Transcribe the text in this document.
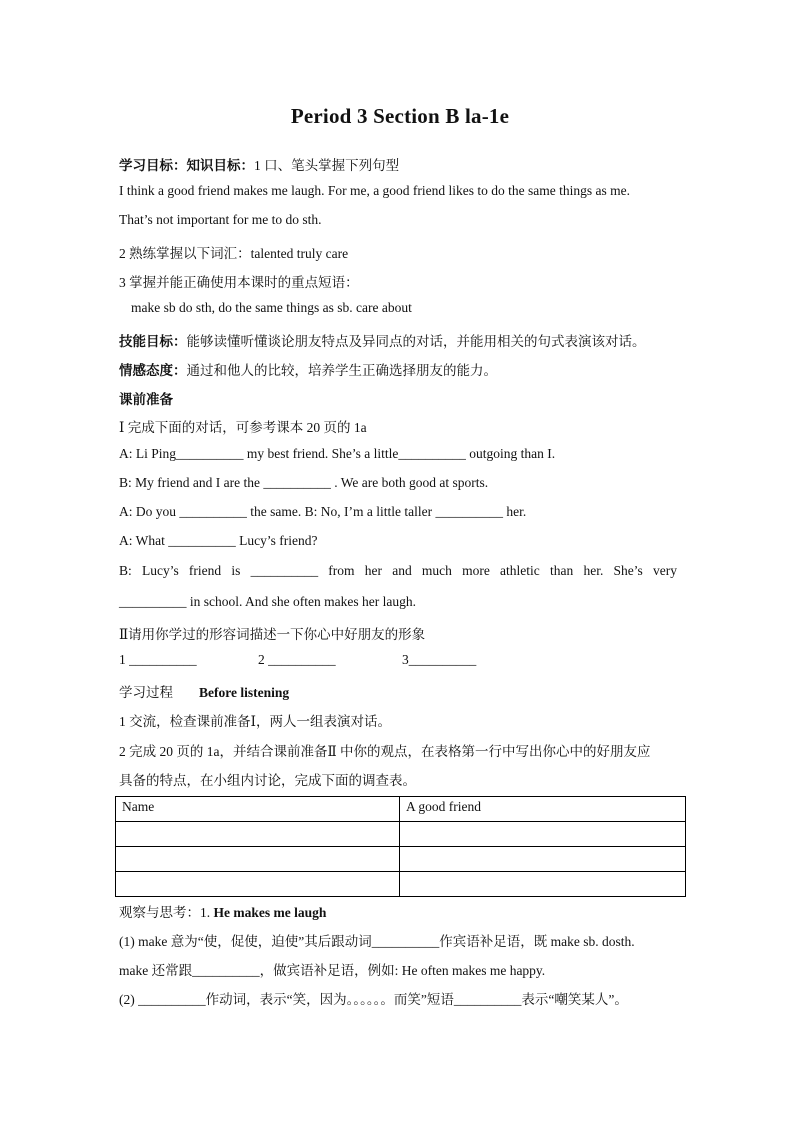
Period 3 Section B la-1e
学习目标：知识目标：1 口、笔头掌握下列句型
I think a good friend makes me laugh. For me, a good friend likes to do the same things as me.
That’s not important for me to do sth.
2 熟练掌握以下词汇：talented truly care
3 掌握并能正确使用本课时的重点短语：
make sb do sth, do the same things as sb. care about
技能目标：能够读懂听懂谈论朋友特点及异同点的对话，并能用相关的句式表演该对话。
情感态度：通过和他人的比较，培养学生正确选择朋友的能力。
课前准备
Ⅰ 完成下面的对话，可参考课本 20 页的 1a
A: Li Ping__________ my best friend. She’s a little__________ outgoing than I.
B: My friend and I are the __________ . We are both good at sports.
A: Do you __________ the same. B: No, I’m a little taller __________ her.
A: What __________ Lucy’s friend?
B: Lucy’s friend is __________ from her and much more athletic than her. She’s very
__________ in school. And she often makes her laugh.
Ⅱ请用你学过的形容词描述一下你心中好朋友的形象
1 __________	2 __________	3__________
学习过程 Before listening
1 交流，检查课前准备Ⅰ，两人一组表演对话。
2 完成 20 页的 1a，并结合课前准备Ⅱ 中你的观点，在表格第一行中写出你心中的好朋友应
具备的特点，在小组内讨论，完成下面的调查表。
Name	A good friend

观察与思考：1. He makes me laugh
(1) make 意为“使，促使，迫使”其后跟动词__________作宾语补足语，既 make sb. dosth.
make 还常跟__________，做宾语补足语，例如: He often makes me happy.
(2) __________作动词，表示“笑，因为。。。。。。而笑”短语__________表示“嘲笑某人”。
